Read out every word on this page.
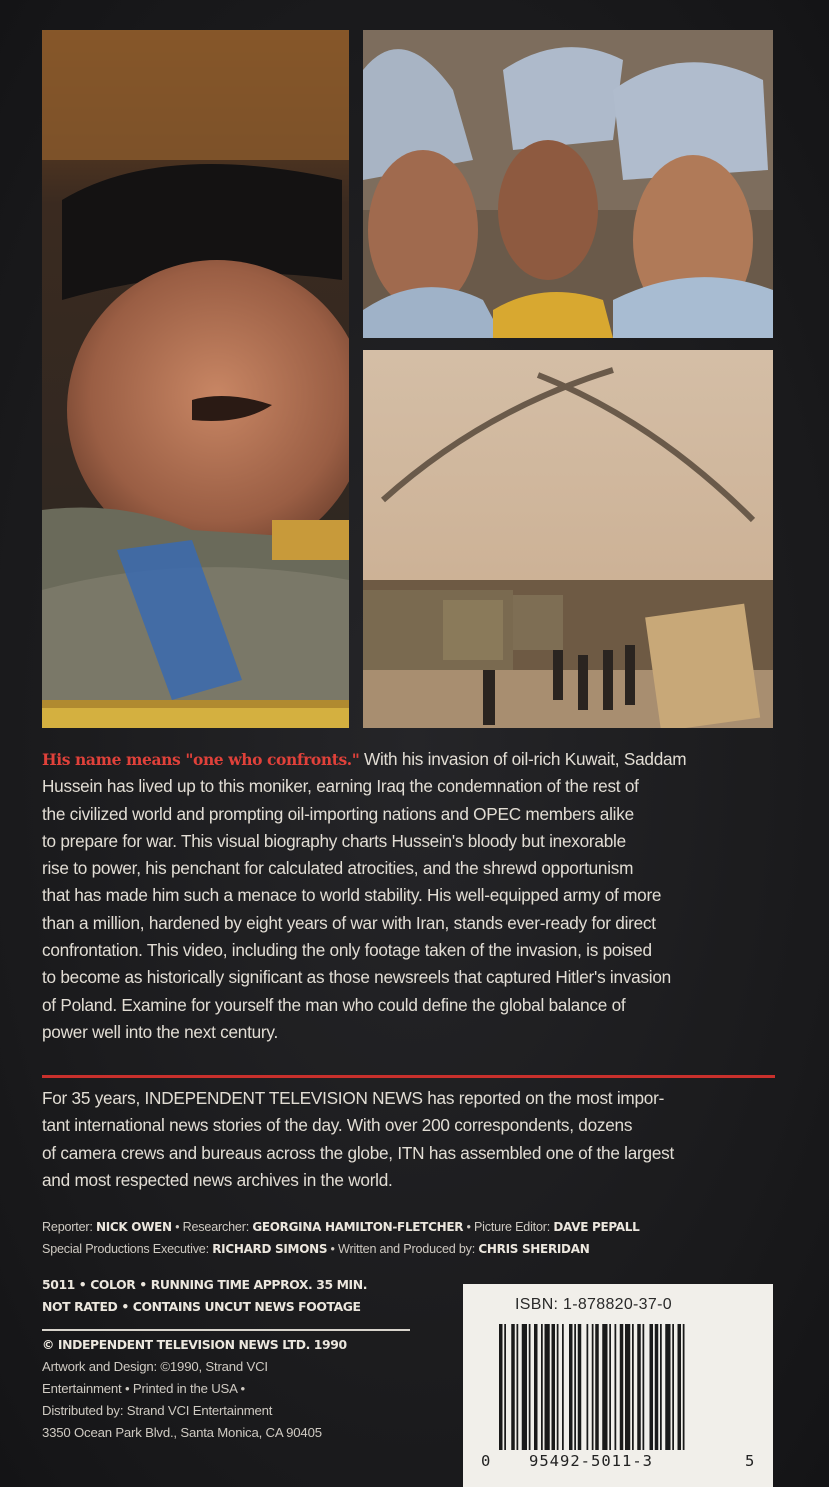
His name means "one who confronts." With his invasion of oil-rich Kuwait, Saddam
Hussein has lived up to this moniker, earning Iraq the condemnation of the rest of
the civilized world and prompting oil-importing nations and OPEC members alike
to prepare for war. This visual biography charts Hussein's bloody but inexorable
rise to power, his penchant for calculated atrocities, and the shrewd opportunism
that has made him such a menace to world stability. His well-equipped army of more
than a million, hardened by eight years of war with Iran, stands ever-ready for direct
confrontation. This video, including the only footage taken of the invasion, is poised
to become as historically significant as those newsreels that captured Hitler's invasion
of Poland. Examine for yourself the man who could define the global balance of
power well into the next century.
For 35 years, INDEPENDENT TELEVISION NEWS has reported on the most impor-
tant international news stories of the day. With over 200 correspondents, dozens
of camera crews and bureaus across the globe, ITN has assembled one of the largest
and most respected news archives in the world.
Reporter: NICK OWEN • Researcher: GEORGINA HAMILTON-FLETCHER • Picture Editor: DAVE PEPALL
Special Productions Executive: RICHARD SIMONS • Written and Produced by: CHRIS SHERIDAN
5011 • COLOR • RUNNING TIME APPROX. 35 MIN.
NOT RATED • CONTAINS UNCUT NEWS FOOTAGE
© INDEPENDENT TELEVISION NEWS LTD. 1990
Artwork and Design: ©1990, Strand VCI
Entertainment • Printed in the USA •
Distributed by: Strand VCI Entertainment
3350 Ocean Park Blvd., Santa Monica, CA 90405
ISBN: 1-878820-37-0
0 95492-5011-3	5
